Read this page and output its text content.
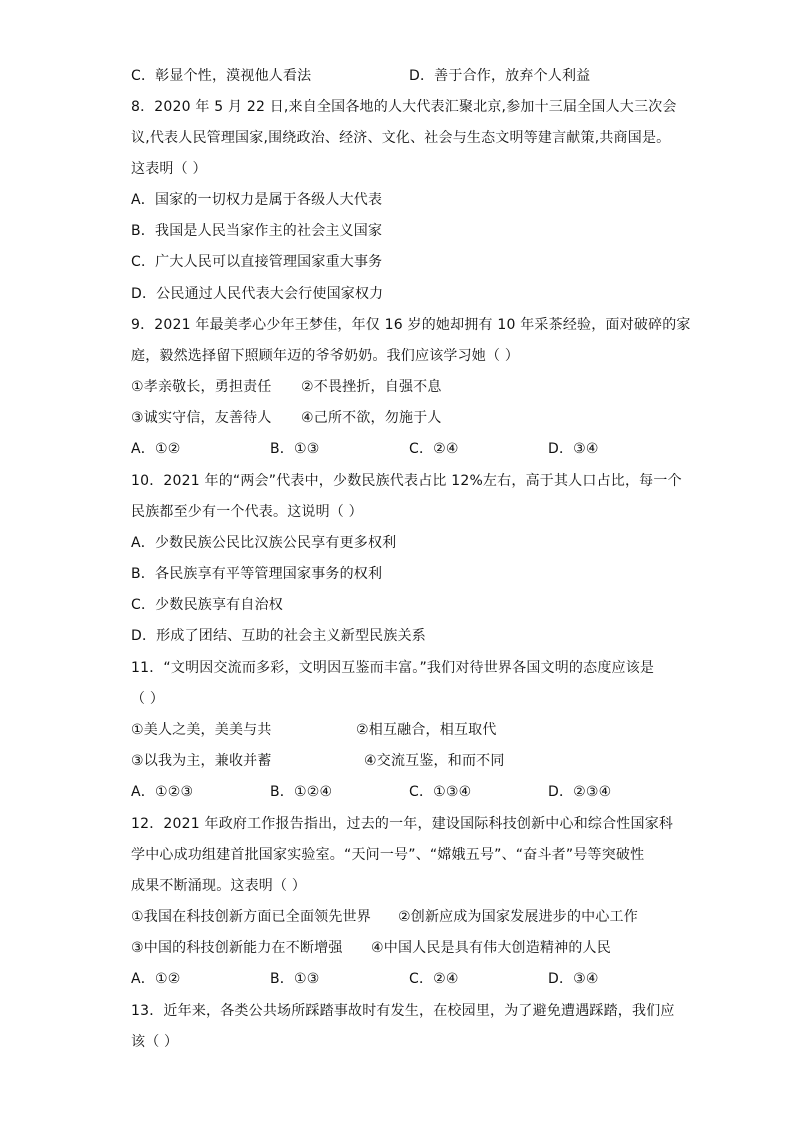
C．彰显个性，漠视他人看法	D．善于合作，放弃个人利益
8．2020 年 5 月 22 日,来自全国各地的人大代表汇聚北京,参加十三届全国人大三次会
议,代表人民管理国家,围绕政治、经济、文化、社会与生态文明等建言献策,共商国是。
这表明（ ）
A．国家的一切权力是属于各级人大代表
B．我国是人民当家作主的社会主义国家
C．广大人民可以直接管理国家重大事务
D．公民通过人民代表大会行使国家权力
9．2021 年最美孝心少年王梦佳，年仅 16 岁的她却拥有 10 年采茶经验，面对破碎的家
庭，毅然选择留下照顾年迈的爷爷奶奶。我们应该学习她（ ）
①孝亲敬长，勇担责任 ②不畏挫折，自强不息
③诚实守信，友善待人 ④己所不欲，勿施于人
A．①②	B．①③	C．②④	D．③④
10．2021 年的“两会”代表中，少数民族代表占比 12%左右，高于其人口占比，每一个
民族都至少有一个代表。这说明（ ）
A．少数民族公民比汉族公民享有更多权利
B．各民族享有平等管理国家事务的权利
C．少数民族享有自治权
D．形成了团结、互助的社会主义新型民族关系
11．“文明因交流而多彩，文明因互鉴而丰富。”我们对待世界各国文明的态度应该是
（ ）
①美人之美，美美与共	②相互融合，相互取代
③以我为主，兼收并蓄	④交流互鉴，和而不同
A．①②③	B．①②④	C．①③④	D．②③④
12．2021 年政府工作报告指出，过去的一年，建设国际科技创新中心和综合性国家科
学中心成功组建首批国家实验室。“天问一号”、“嫦娥五号”、“奋斗者”号等突破性
成果不断涌现。这表明（ ）
①我国在科技创新方面已全面领先世界 ②创新应成为国家发展进步的中心工作
③中国的科技创新能力在不断增强 ④中国人民是具有伟大创造精神的人民
A．①②	B．①③	C．②④	D．③④
13．近年来，各类公共场所踩踏事故时有发生，在校园里，为了避免遭遇踩踏，我们应
该（ ）
